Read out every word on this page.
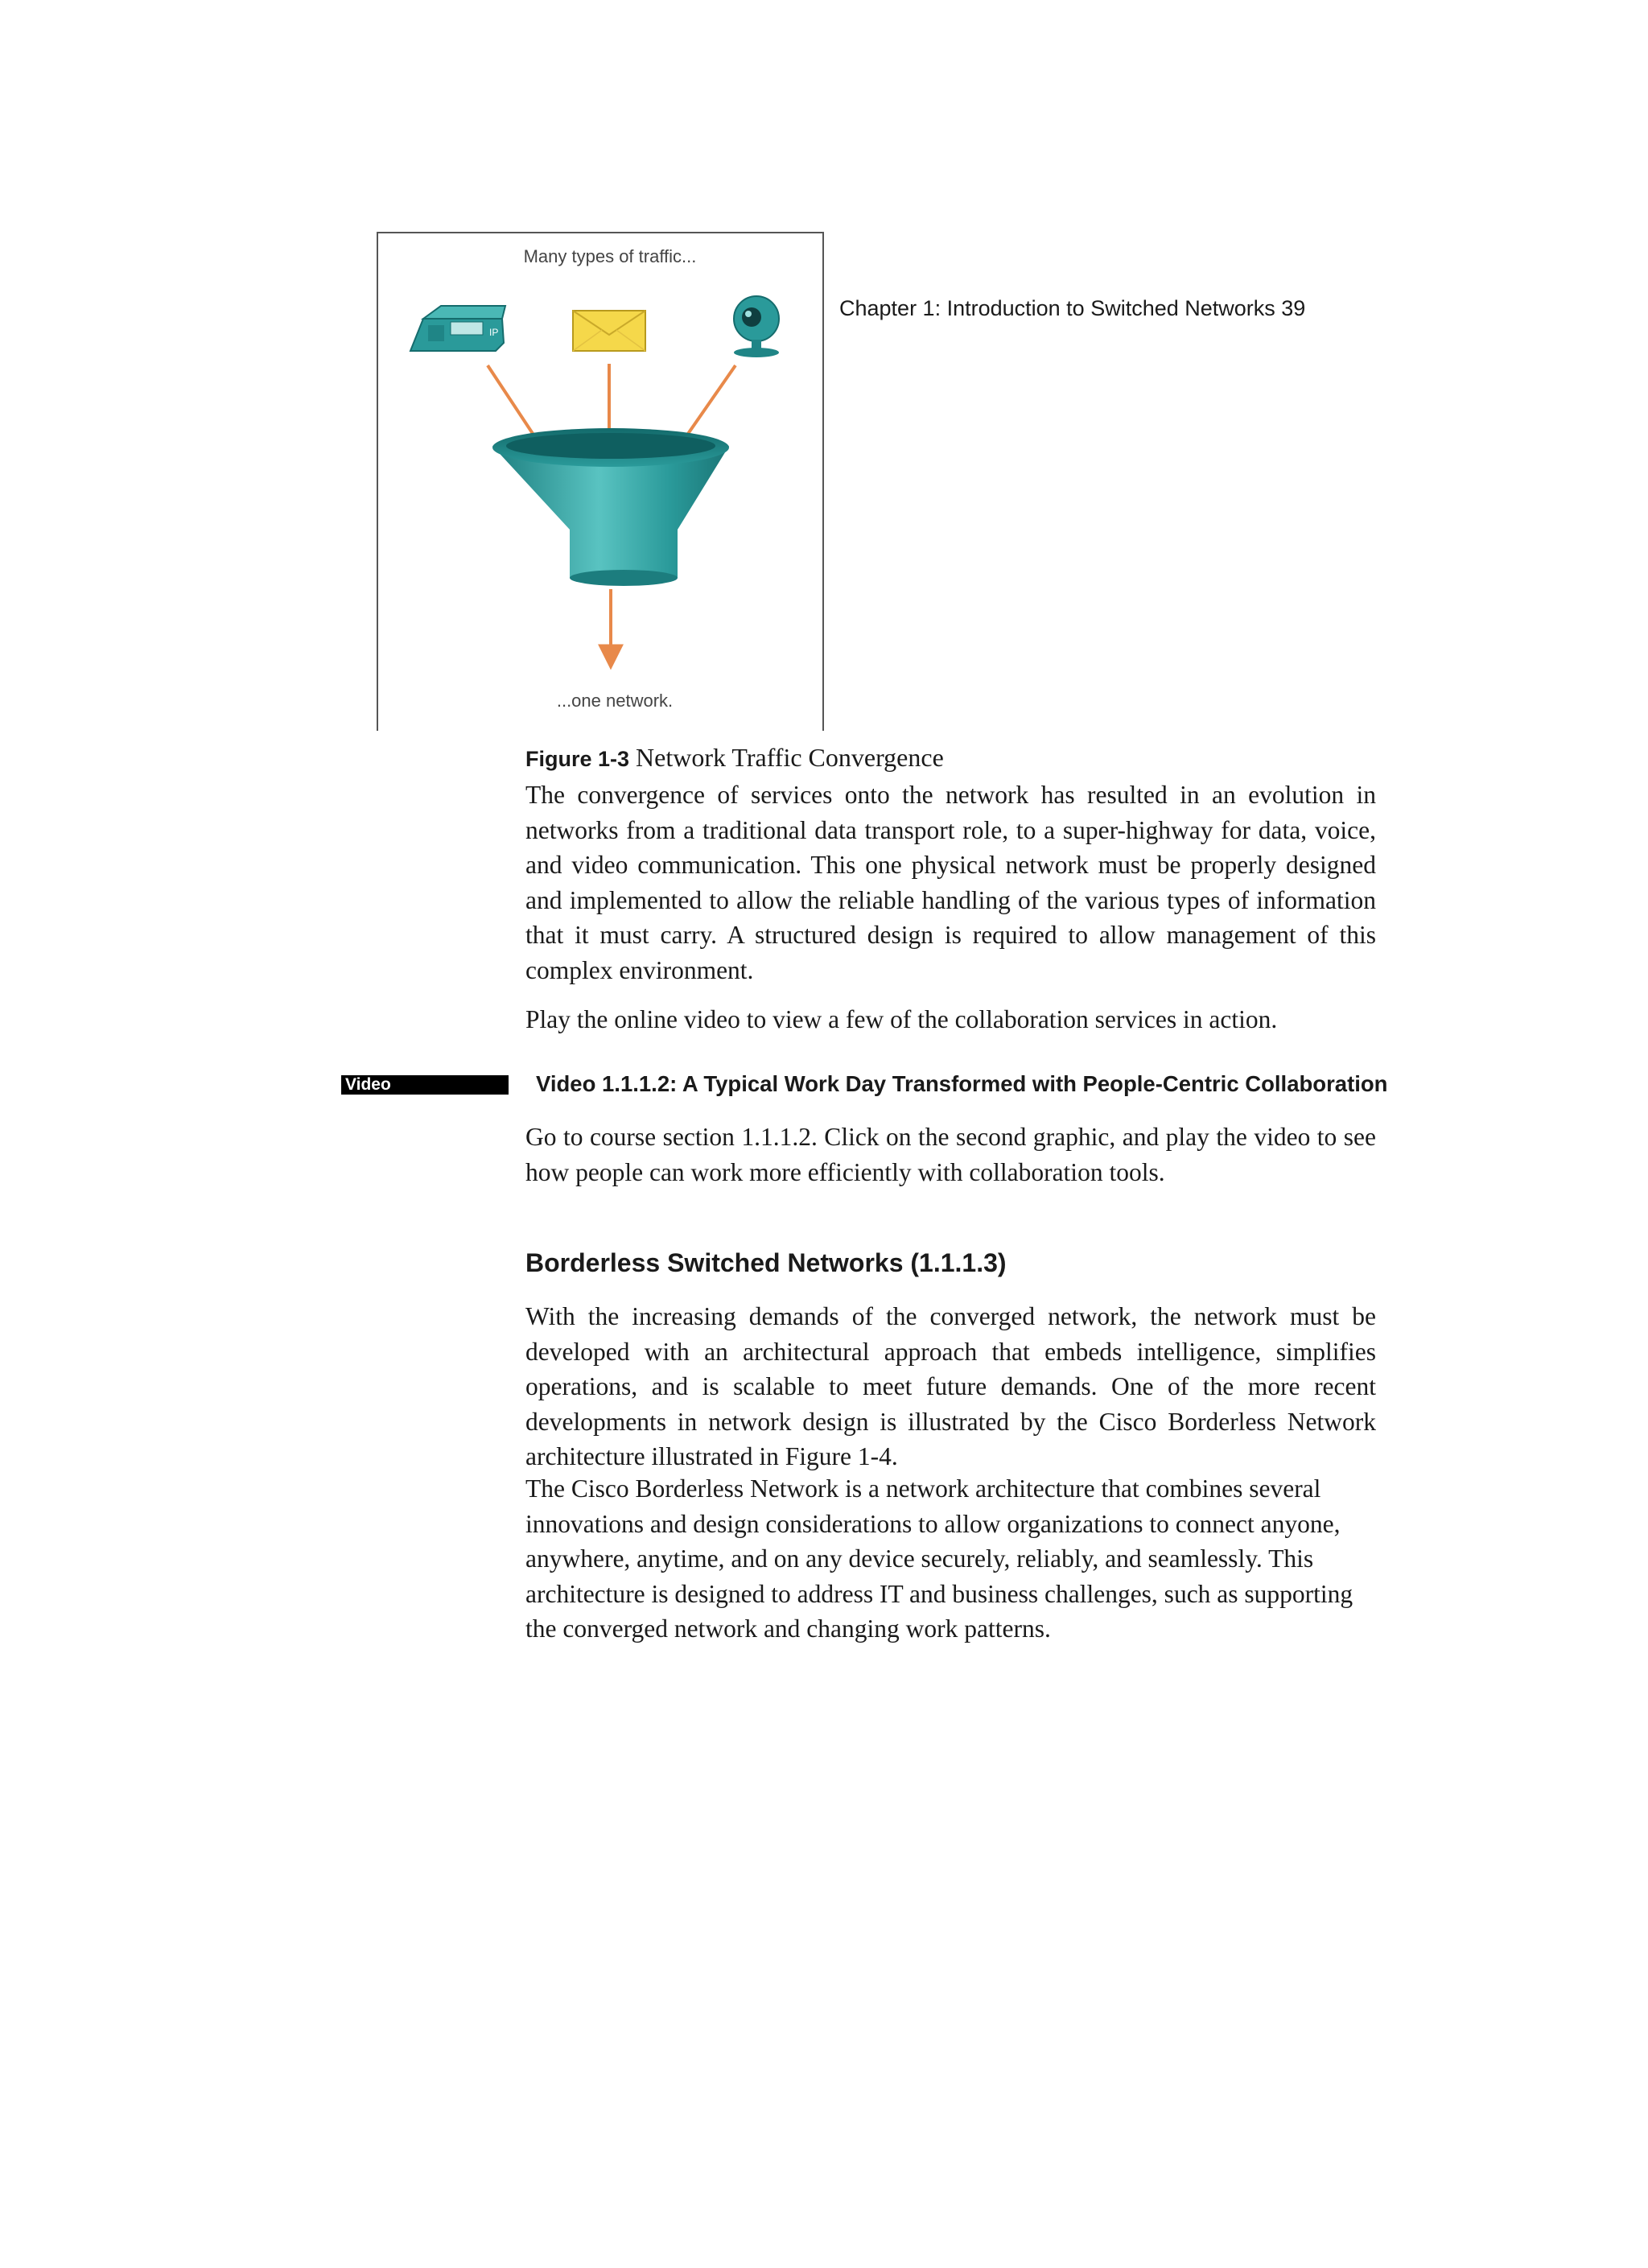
Many types of traffic...
IP
...one network.
Chapter 1: Introduction to Switched Networks 39
Figure 1-3 Network Traffic Convergence

The convergence of services onto the network has resulted in an evolution in networks from a traditional data transport role, to a super-highway for data, voice, and video communication. This one physical network must be properly designed and implemented to allow the reliable handling of the various types of information that it must carry. A structured design is required to allow management of this complex environment.

Play the online video to view a few of the collaboration services in action.

Video	Video 1.1.1.2: A Typical Work Day Transformed with People-Centric Collaboration

Go to course section 1.1.1.2. Click on the second graphic, and play the video to see how people can work more efficiently with collaboration tools.

Borderless Switched Networks (1.1.1.3)

With the increasing demands of the converged network, the network must be developed with an architectural approach that embeds intelligence, simplifies operations, and is scalable to meet future demands. One of the more recent developments in network design is illustrated by the Cisco Borderless Network architecture illustrated in Figure 1-4.

The Cisco Borderless Network is a network architecture that combines several innovations and design considerations to allow organizations to connect anyone, anywhere, anytime, and on any device securely, reliably, and seamlessly. This architecture is designed to address IT and business challenges, such as supporting the converged network and changing work patterns.
